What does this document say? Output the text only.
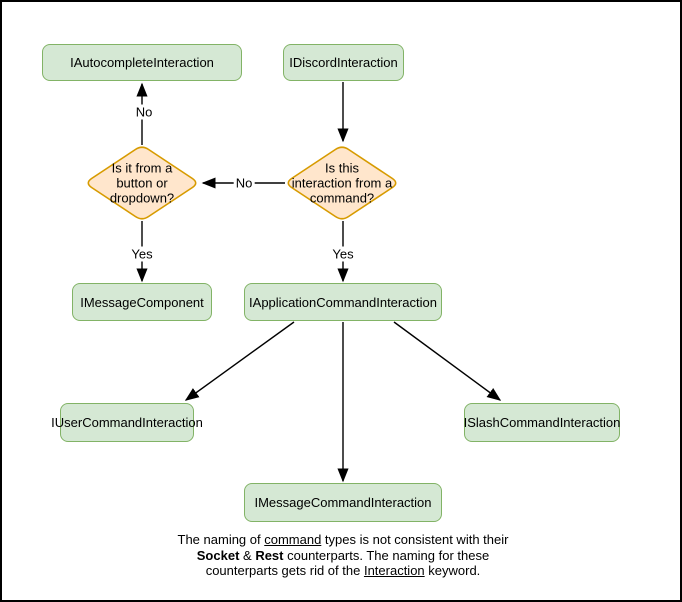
IAutocompleteInteraction	IDiscordInteraction
IMessageComponent	IApplicationCommandInteraction
IUserCommandInteraction	ISlashCommandInteraction
IMessageCommandInteraction
Is this
interaction from a
command?
Is it from a
button or
dropdown?
No
No
Yes	Yes
The naming of command types is not consistent with their
Socket & Rest counterparts. The naming for these
counterparts gets rid of the Interaction keyword.
